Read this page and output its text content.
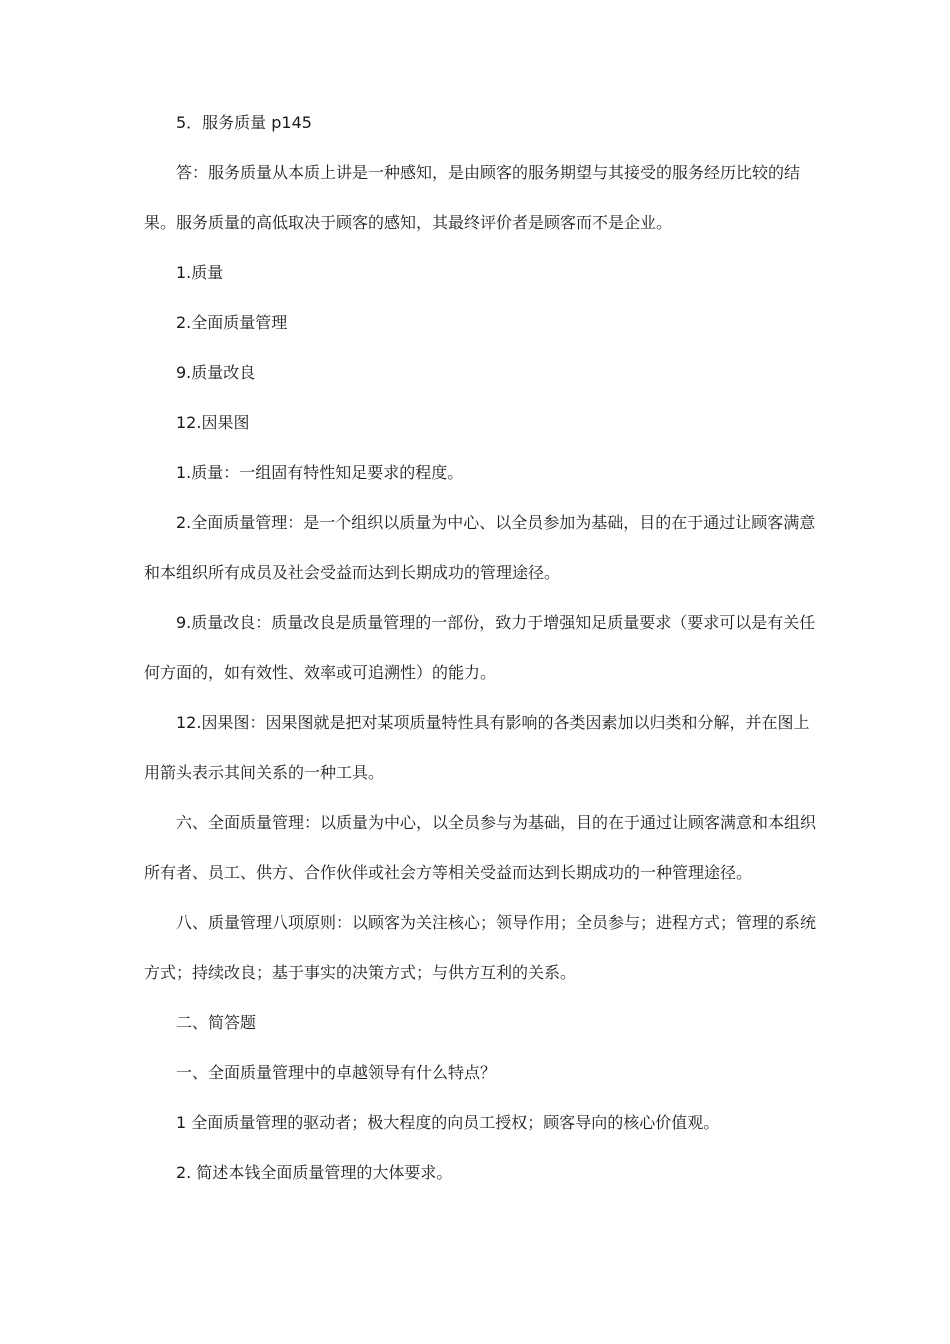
5．服务质量 p145

答：服务质量从本质上讲是一种感知，是由顾客的服务期望与其接受的服务经历比较的结果。服务质量的高低取决于顾客的感知，其最终评价者是顾客而不是企业。

1.质量

2.全面质量管理

9.质量改良

12.因果图

1.质量：一组固有特性知足要求的程度。

2.全面质量管理：是一个组织以质量为中心、以全员参加为基础，目的在于通过让顾客满意和本组织所有成员及社会受益而达到长期成功的管理途径。

9.质量改良：质量改良是质量管理的一部份，致力于增强知足质量要求（要求可以是有关任何方面的，如有效性、效率或可追溯性）的能力。

12.因果图：因果图就是把对某项质量特性具有影响的各类因素加以归类和分解，并在图上用箭头表示其间关系的一种工具。

六、全面质量管理：以质量为中心，以全员参与为基础，目的在于通过让顾客满意和本组织所有者、员工、供方、合作伙伴或社会方等相关受益而达到长期成功的一种管理途径。

八、质量管理八项原则：以顾客为关注核心；领导作用；全员参与；进程方式；管理的系统方式；持续改良；基于事实的决策方式；与供方互利的关系。

二、简答题

一、全面质量管理中的卓越领导有什么特点？

1 全面质量管理的驱动者；极大程度的向员工授权；顾客导向的核心价值观。

2. 简述本钱全面质量管理的大体要求。
